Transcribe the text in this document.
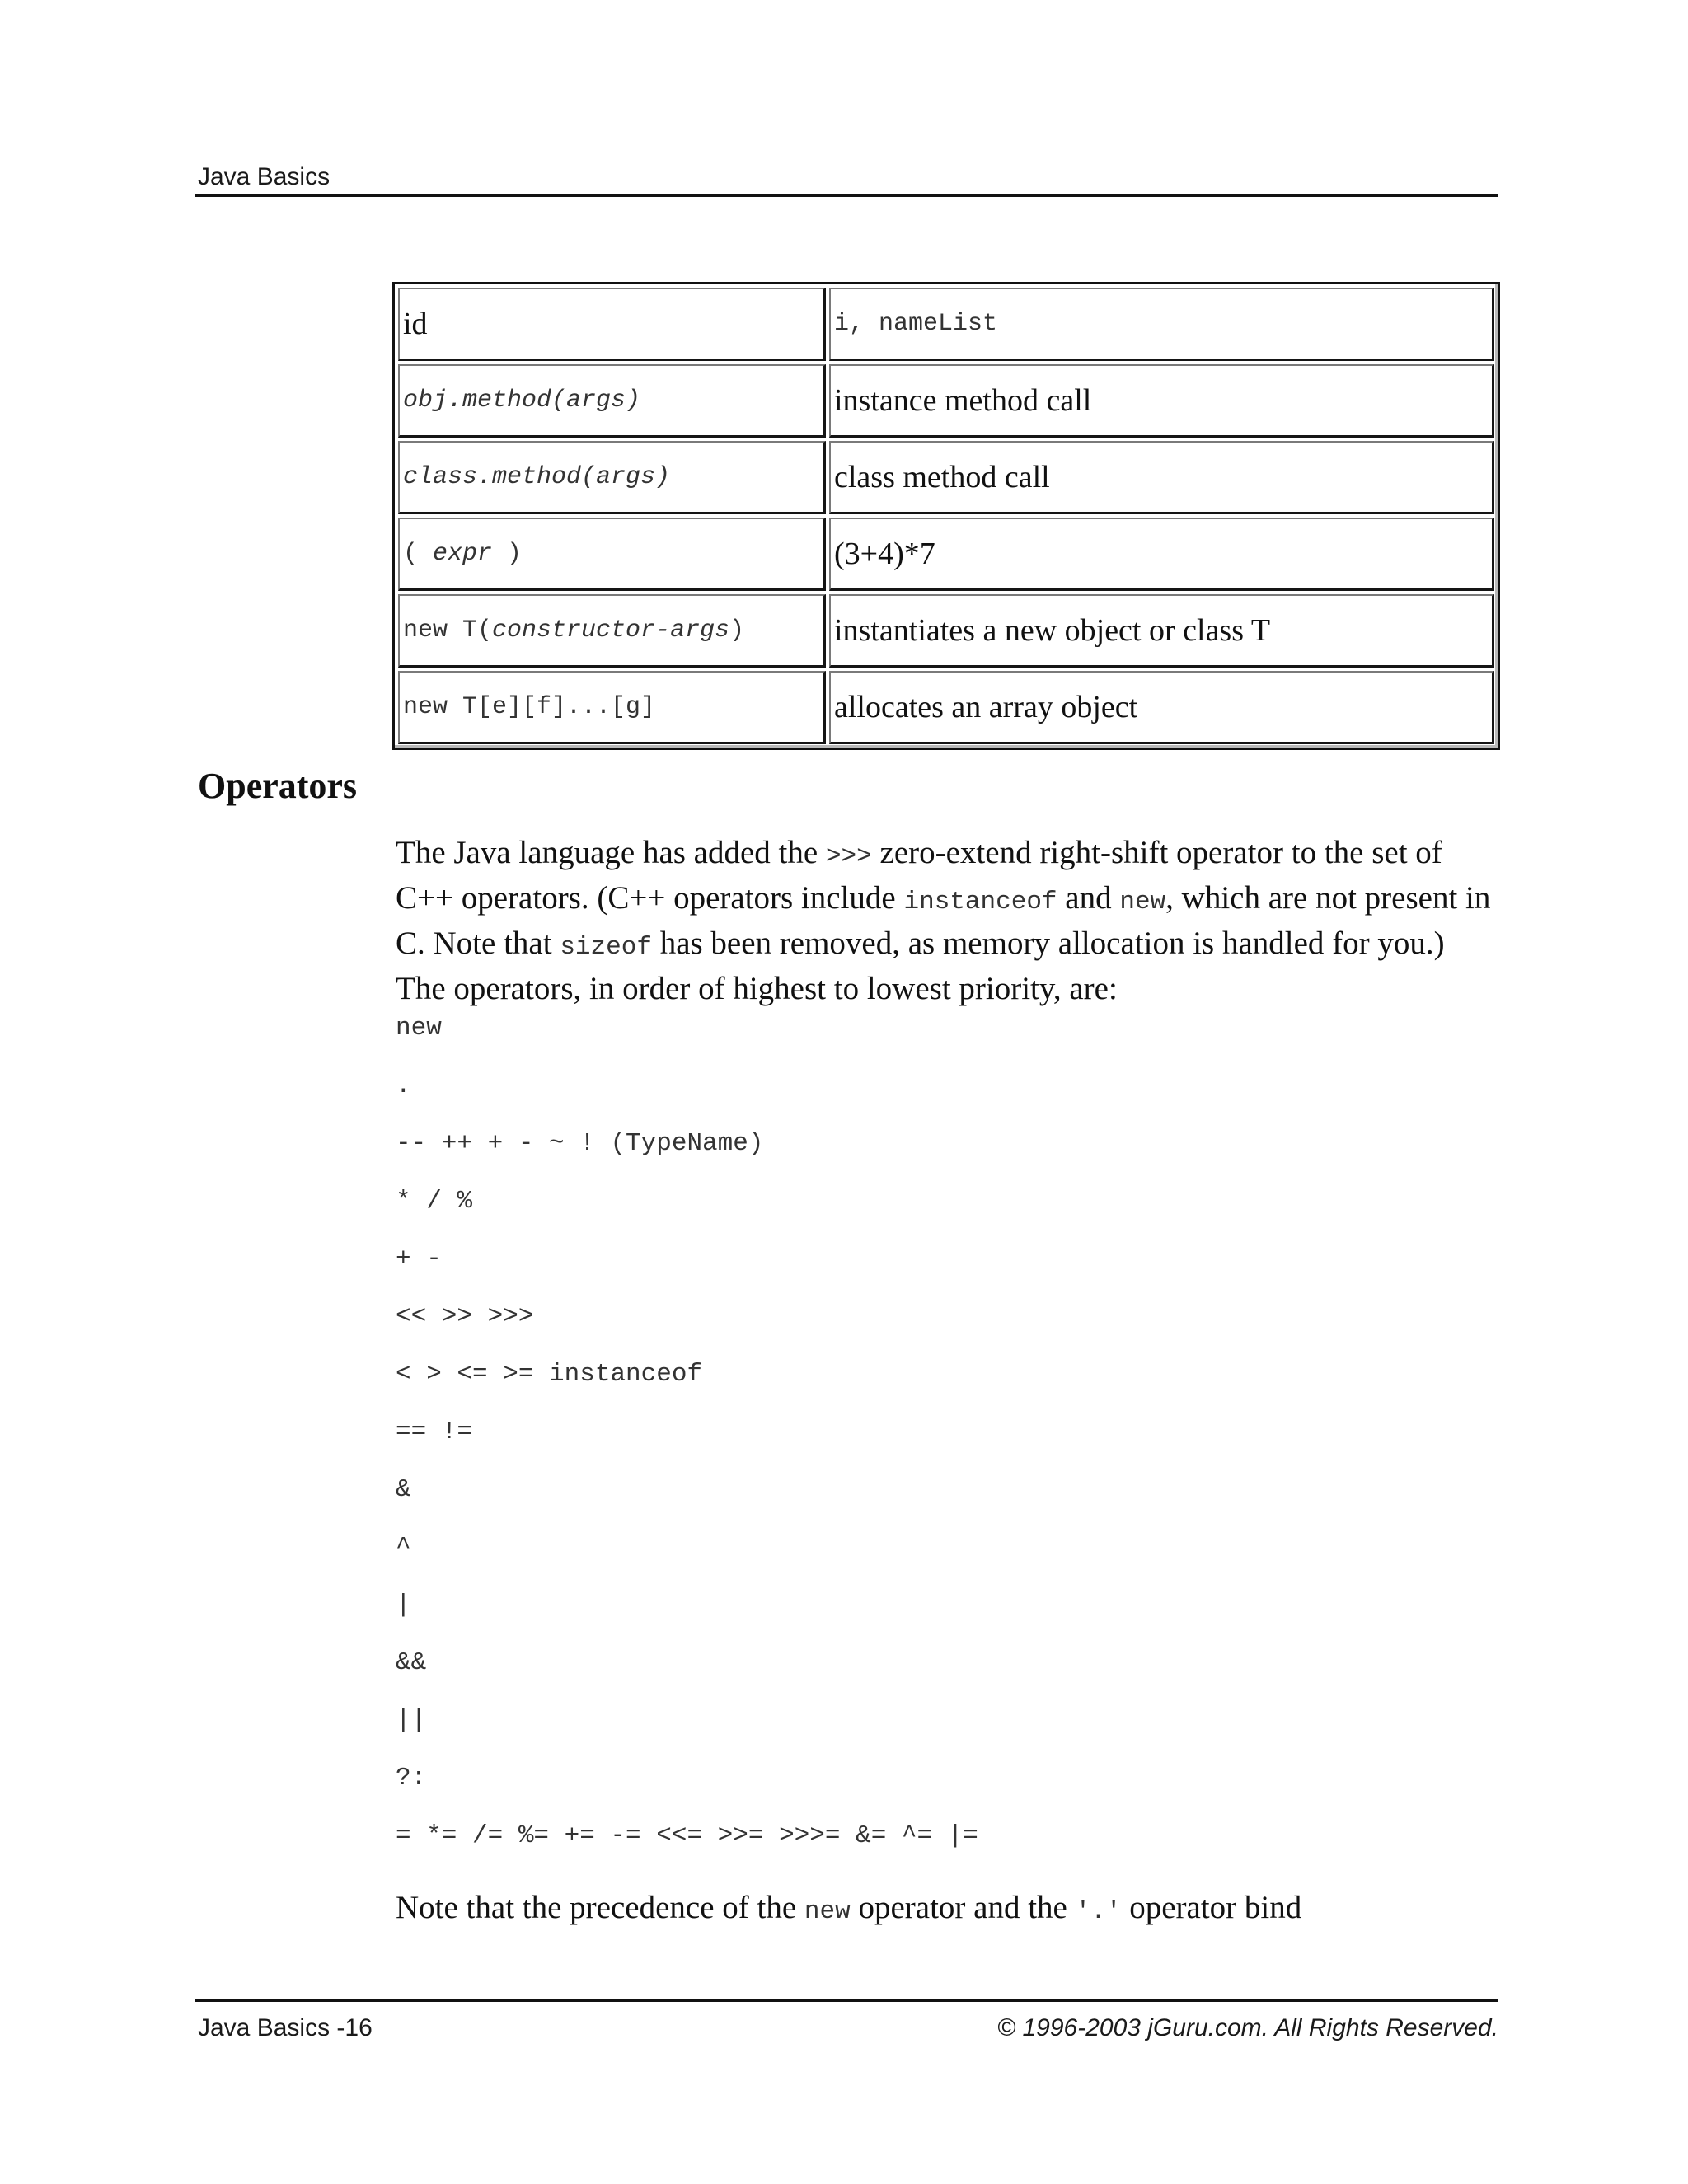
Java Basics
id	i, nameList
obj.method(args)	instance method call
class.method(args)	class method call
( expr )	(3+4)*7
new T(constructor-args)	instantiates a new object or class T
new T[e][f]...[g]	allocates an array object
Operators

The Java language has added the >>> zero-extend right-shift operator to the set of C++ operators. (C++ operators include instanceof and new, which are not present in C. Note that sizeof has been removed, as memory allocation is handled for you.) The operators, in order of highest to lowest priority, are:

new
.
-- ++ + - ~ ! (TypeName)
* / %
+ -
<< >> >>>
< > <= >= instanceof
== !=
&
^
|
&&
||
?:
= *= /= %= += -= <<= >>= >>>= &= ^= |=

Note that the precedence of the new operator and the '.' operator bind

Java Basics -16	© 1996-2003 jGuru.com. All Rights Reserved.
